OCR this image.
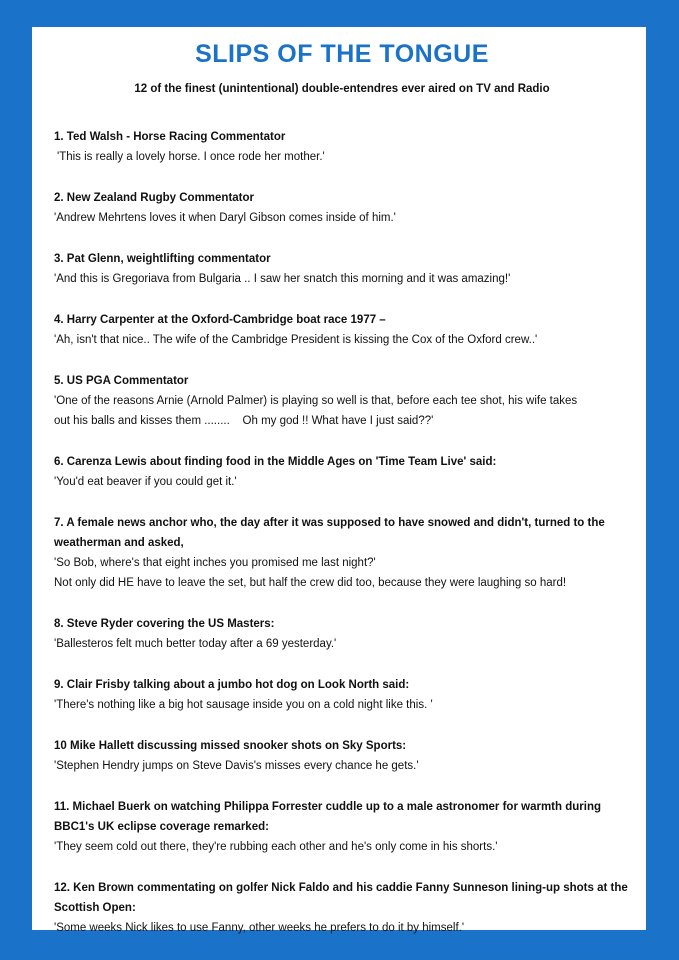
SLIPS OF THE TONGUE

12 of the finest (unintentional) double-entendres ever aired on TV and Radio

1. Ted Walsh - Horse Racing Commentator
'This is really a lovely horse. I once rode her mother.'
2. New Zealand Rugby Commentator
'Andrew Mehrtens loves it when Daryl Gibson comes inside of him.'
3. Pat Glenn, weightlifting commentator
'And this is Gregoriava from Bulgaria .. I saw her snatch this morning and it was amazing!'
4. Harry Carpenter at the Oxford-Cambridge boat race 1977 –
'Ah, isn't that nice.. The wife of the Cambridge President is kissing the Cox of the Oxford crew..'
5. US PGA Commentator
'One of the reasons Arnie (Arnold Palmer) is playing so well is that, before each tee shot, his wife takes
out his balls and kisses them ........    Oh my god !! What have I just said??'
6. Carenza Lewis about finding food in the Middle Ages on 'Time Team Live' said:
'You'd eat beaver if you could get it.'
7. A female news anchor who, the day after it was supposed to have snowed and didn't, turned to the weatherman and asked,
'So Bob, where's that eight inches you promised me last night?'
Not only did HE have to leave the set, but half the crew did too, because they were laughing so hard!
8. Steve Ryder covering the US Masters:
'Ballesteros felt much better today after a 69 yesterday.'
9. Clair Frisby talking about a jumbo hot dog on Look North said:
'There's nothing like a big hot sausage inside you on a cold night like this. '
10 Mike Hallett discussing missed snooker shots on Sky Sports:
'Stephen Hendry jumps on Steve Davis's misses every chance he gets.'
11. Michael Buerk on watching Philippa Forrester cuddle up to a male astronomer for warmth during BBC1's UK eclipse coverage remarked:
'They seem cold out there, they're rubbing each other and he's only come in his shorts.'
12. Ken Brown commentating on golfer Nick Faldo and his caddie Fanny Sunneson lining-up shots at the Scottish Open:
'Some weeks Nick likes to use Fanny, other weeks he prefers to do it by himself.'
